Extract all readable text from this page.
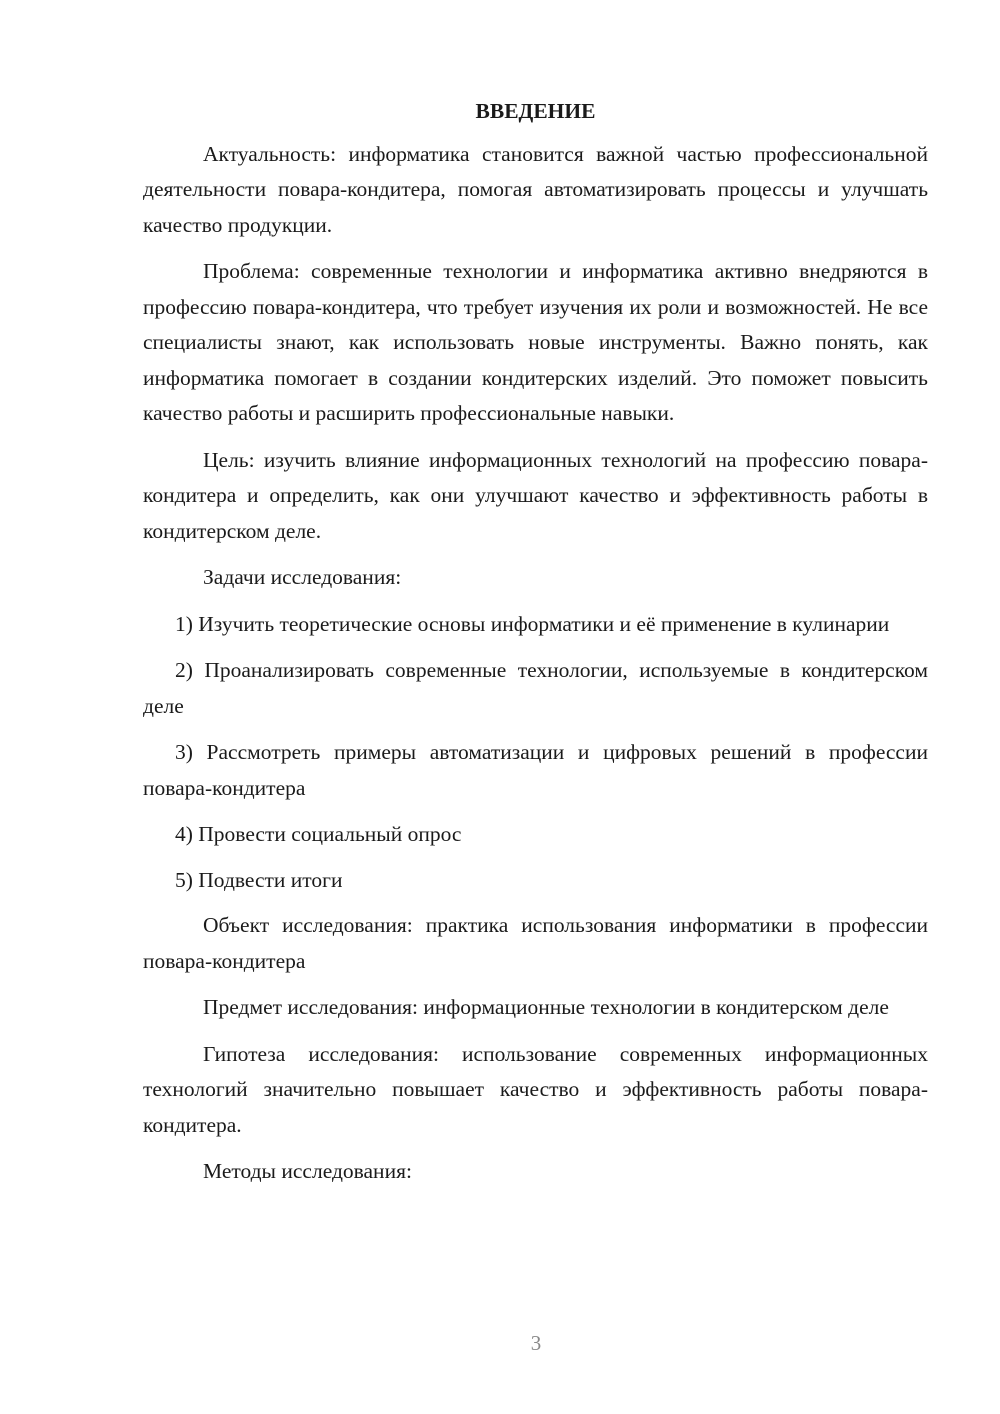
ВВЕДЕНИЕ

Актуальность: информатика становится важной частью профессиональной деятельности повара-кондитера, помогая автоматизировать процессы и улучшать качество продукции.

Проблема: современные технологии и информатика активно внедряются в профессию повара-кондитера, что требует изучения их роли и возможностей. Не все специалисты знают, как использовать новые инструменты. Важно понять, как информатика помогает в создании кондитерских изделий. Это поможет повысить качество работы и расширить профессиональные навыки.

Цель: изучить влияние информационных технологий на профессию повара-кондитера и определить, как они улучшают качество и эффективность работы в кондитерском деле.

Задачи исследования:

1) Изучить теоретические основы информатики и её применение в кулинарии

2) Проанализировать современные технологии, используемые в кондитерском деле

3) Рассмотреть примеры автоматизации и цифровых решений в профессии повара-кондитера

4) Провести социальный опрос

5) Подвести итоги

Объект исследования: практика использования информатики в профессии повара-кондитера

Предмет исследования: информационные технологии в кондитерском деле

Гипотеза исследования: использование современных информационных технологий значительно повышает качество и эффективность работы повара-кондитера.

Методы исследования:

3
